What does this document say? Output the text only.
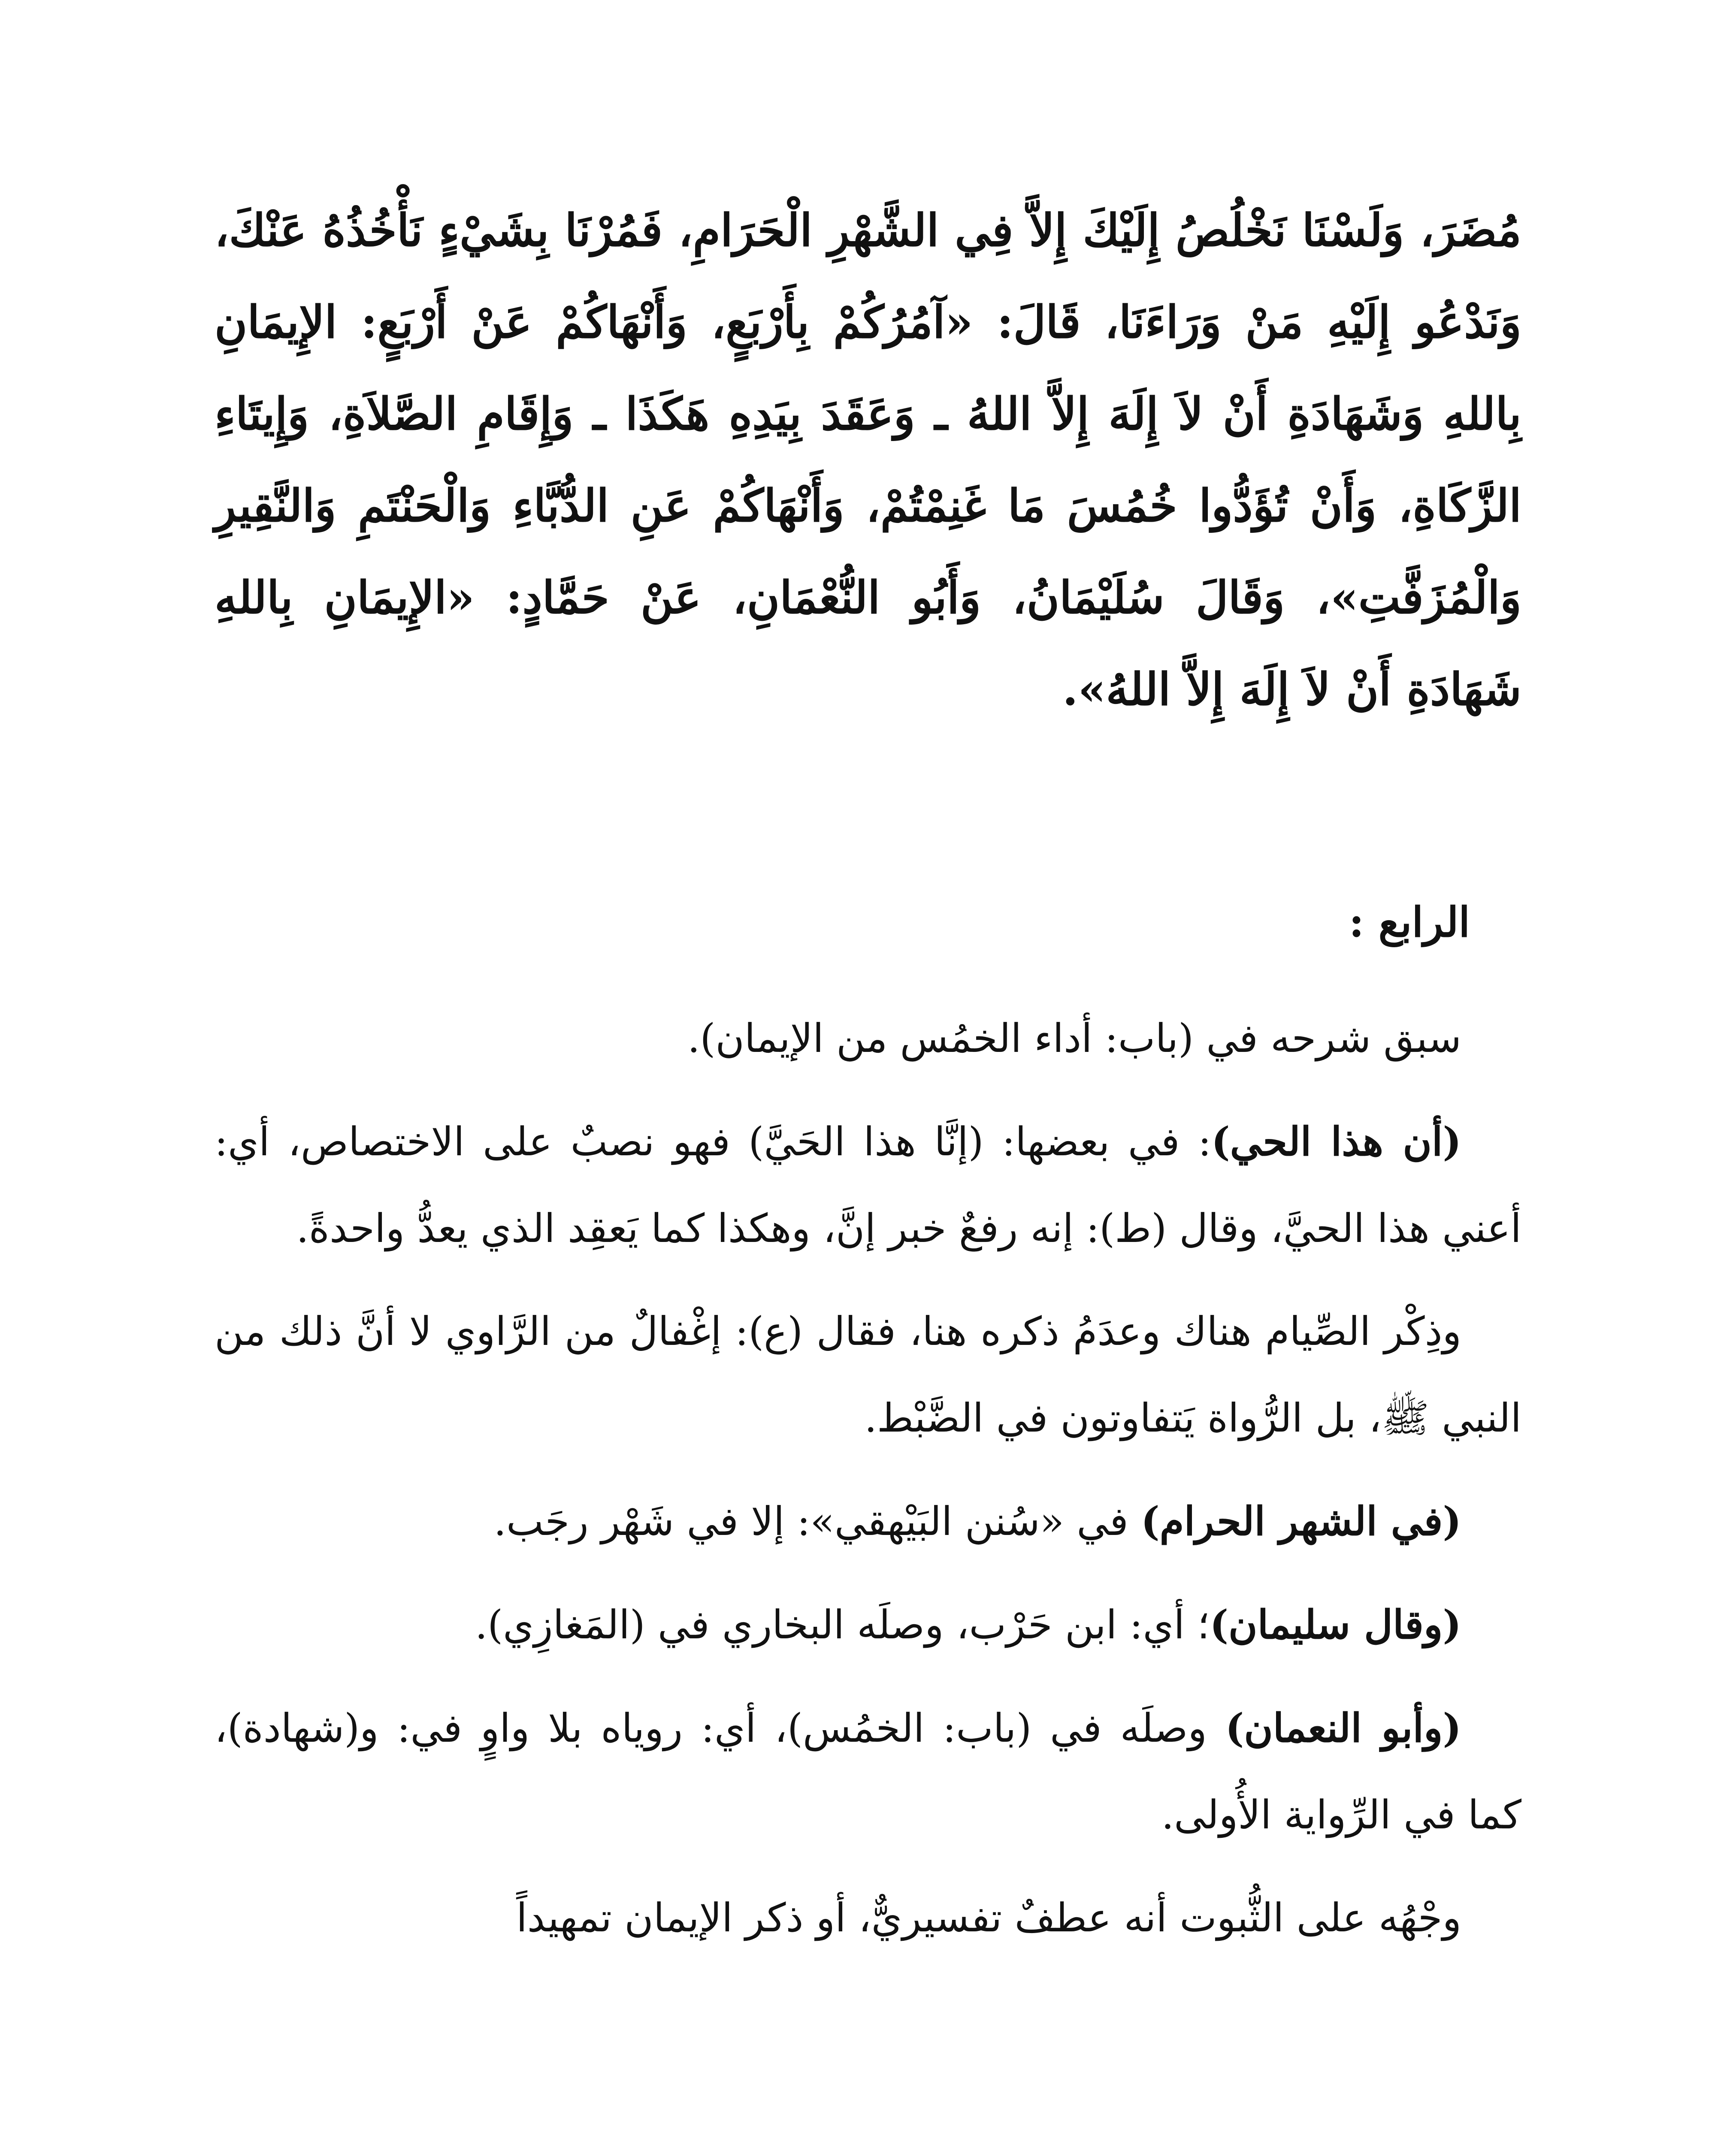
مُضَرَ، وَلَسْنَا نَخْلُصُ إِلَيْكَ إِلاَّ فِي الشَّهْرِ الْحَرَامِ، فَمُرْنَا بِشَيْءٍ نَأْخُذُهُ عَنْكَ، وَنَدْعُو إِلَيْهِ مَنْ وَرَاءَنَا، قَالَ: «آمُرُكُمْ بِأَرْبَعٍ، وَأَنْهَاكُمْ عَنْ أَرْبَعٍ: الإِيمَانِ بِاللهِ وَشَهَادَةِ أَنْ لاَ إِلَهَ إِلاَّ اللهُ ـ وَعَقَدَ بِيَدِهِ هَكَذَا ـ وَإِقَامِ الصَّلاَةِ، وَإِيتَاءِ الزَّكَاةِ، وَأَنْ تُؤَدُّوا خُمُسَ مَا غَنِمْتُمْ، وَأَنْهَاكُمْ عَنِ الدُّبَّاءِ وَالْحَنْتَمِ وَالنَّقِيرِ وَالْمُزَفَّتِ»، وَقَالَ سُلَيْمَانُ، وَأَبُو النُّعْمَانِ، عَنْ حَمَّادٍ: «الإِيمَانِ بِاللهِ شَهَادَةِ أَنْ لاَ إِلَهَ إِلاَّ اللهُ».

الرابع :

سبق شرحه في (باب: أداء الخمُس من الإيمان).

(أن هذا الحي): في بعضها: (إنَّا هذا الحَيَّ) فهو نصبٌ على الاختصاص، أي: أعني هذا الحيَّ، وقال (ط): إنه رفعٌ خبر إنَّ، وهكذا كما يَعقِد الذي يعدُّ واحدةً.

وذِكْر الصِّيام هناك وعدَمُ ذكره هنا، فقال (ع): إغْفالٌ من الرَّاوي لا أنَّ ذلك من النبي ﷺ، بل الرُّواة يَتفاوتون في الضَّبْط.

(في الشهر الحرام) في «سُنن البَيْهقي»: إلا في شَهْر رجَب.

(وقال سليمان)؛ أي: ابن حَرْب، وصلَه البخاري في (المَغازِي).

(وأبو النعمان) وصلَه في (باب: الخمُس)، أي: روياه بلا واوٍ في: و(شهادة)، كما في الرِّواية الأُولى.

وجْهُه على الثُّبوت أنه عطفٌ تفسيريٌّ، أو ذكر الإيمان تمهيداً
